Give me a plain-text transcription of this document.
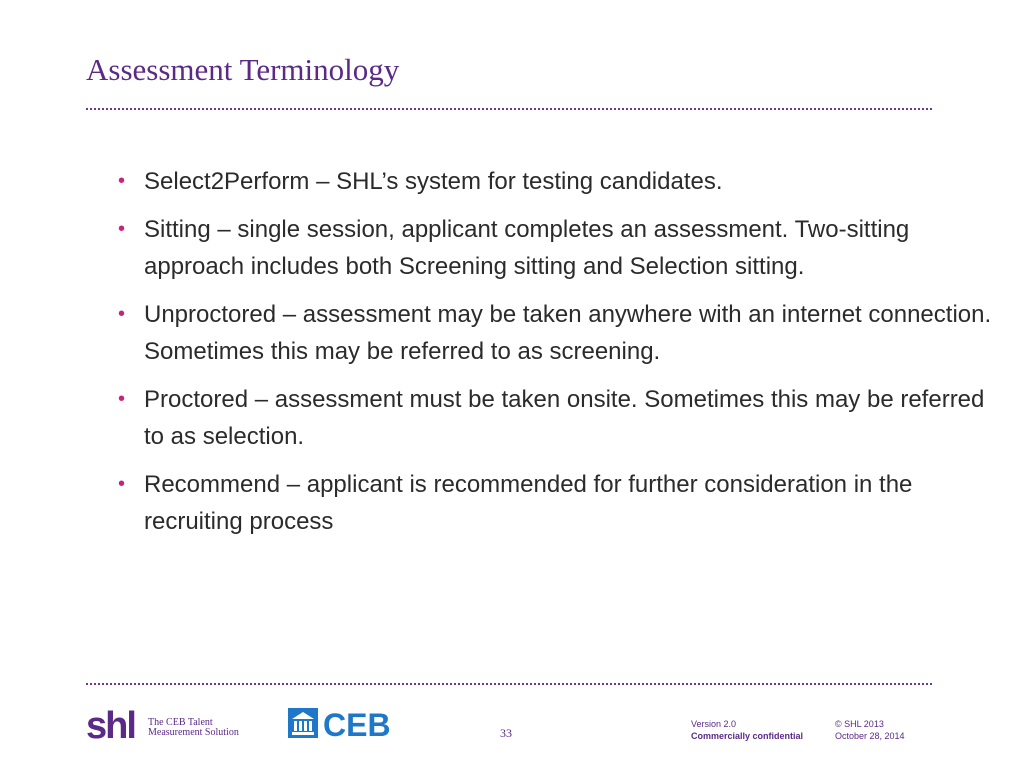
Assessment Terminology
• Select2Perform – SHL’s system for testing candidates.
• Sitting – single session, applicant completes an assessment. Two-sitting approach includes both Screening sitting and Selection sitting.
• Unproctored – assessment may be taken anywhere with an internet connection. Sometimes this may be referred to as screening.
• Proctored – assessment must be taken onsite. Sometimes this may be referred to as selection.
• Recommend – applicant is recommended for further consideration in the recruiting process
shl The CEB Talent
Measurement Solution	CEB	33
Version 2.0
Commercially confidential
© SHL 2013
October 28, 2014
